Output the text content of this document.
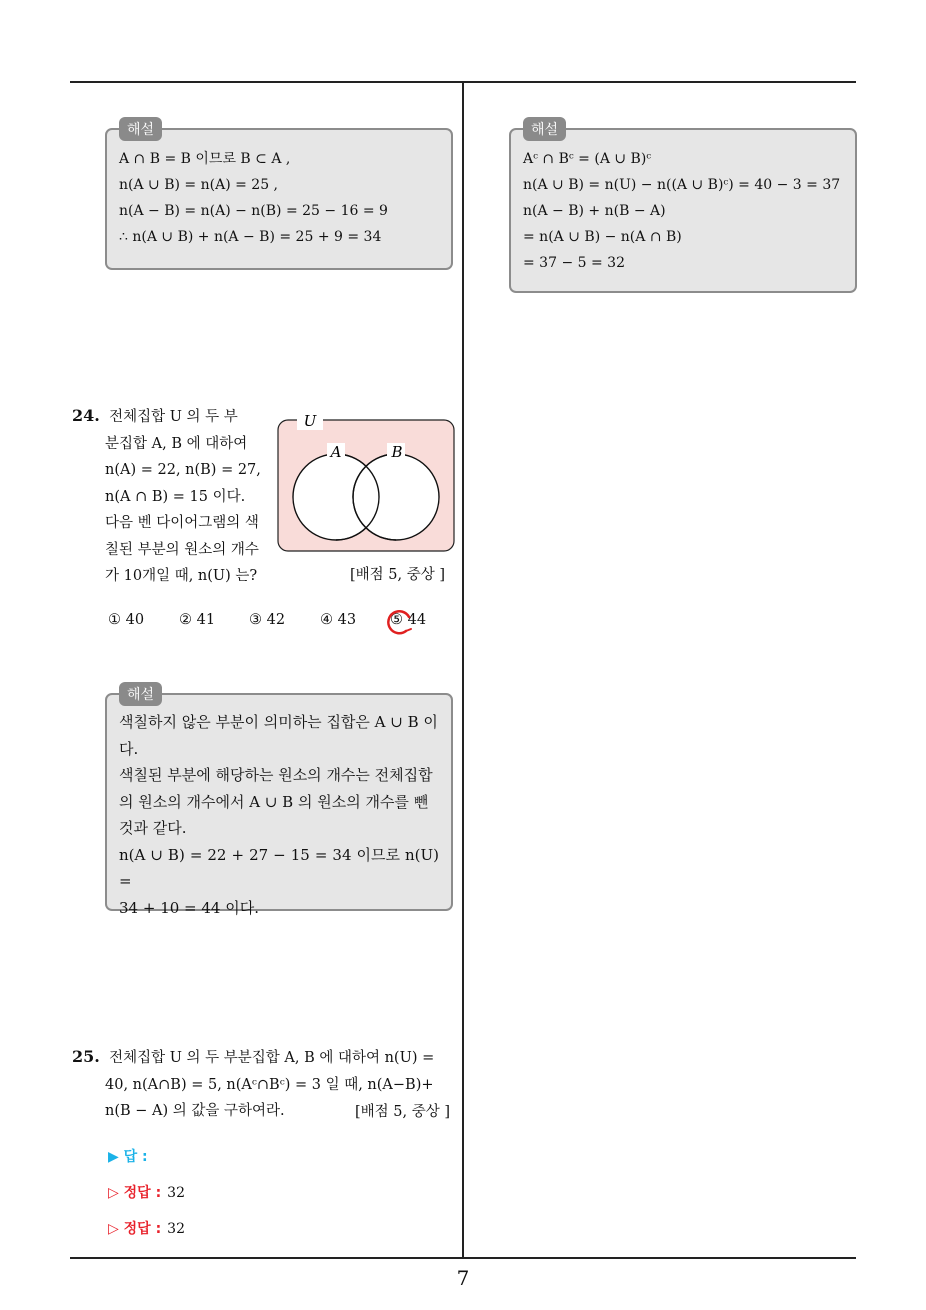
해설
A ∩ B = B 이므로 B ⊂ A ,
n(A ∪ B) = n(A) = 25 ,
n(A − B) = n(A) − n(B) = 25 − 16 = 9
∴ n(A ∪ B) + n(A − B) = 25 + 9 = 34
해설
Aᶜ ∩ Bᶜ = (A ∪ B)ᶜ
n(A ∪ B) = n(U) − n((A ∪ B)ᶜ) = 40 − 3 = 37
n(A − B) + n(B − A)
= n(A ∪ B) − n(A ∩ B)
= 37 − 5 = 32
24. 전체집합 U 의 두 부
분집합 A, B 에 대하여
n(A) = 22, n(B) = 27,
n(A ∩ B) = 15 이다.
다음 벤 다이어그램의 색
칠된 부분의 원소의 개수
가 10개일 때, n(U) 는?
U
A	B
[배점 5, 중상 ]
① 40 ② 41 ③ 42 ④ 43 ⑤ 44
해설
색칠하지 않은 부분이 의미하는 집합은 A ∪ B 이
다.
색칠된 부분에 해당하는 원소의 개수는 전체집합
의 원소의 개수에서 A ∪ B 의 원소의 개수를 뺀
것과 같다.
n(A ∪ B) = 22 + 27 − 15 = 34 이므로 n(U) =
34 + 10 = 44 이다.
25. 전체집합 U 의 두 부분집합 A, B 에 대하여 n(U) =
40, n(A∩B) = 5, n(Aᶜ∩Bᶜ) = 3 일 때, n(A−B)+
n(B − A) 의 값을 구하여라.	[배점 5, 중상 ]
▶ 답 :
▷ 정답 : 32
▷ 정답 : 32
7
